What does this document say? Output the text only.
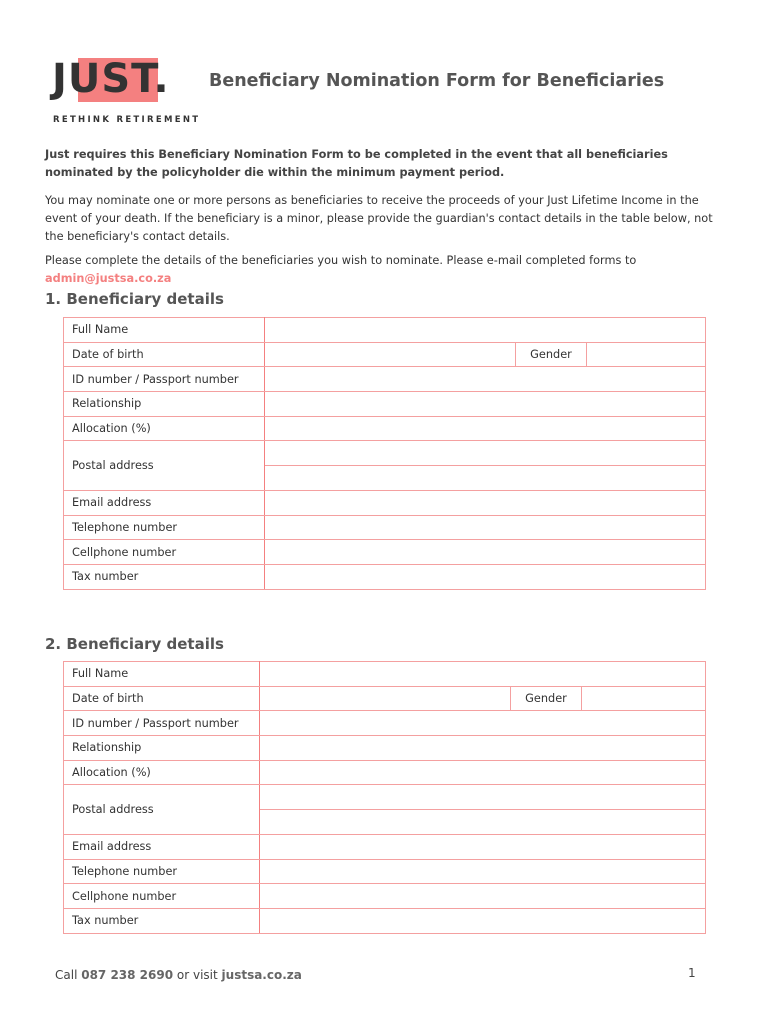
JUST.
RETHINK RETIREMENT
Beneficiary Nomination Form for Beneficiaries
Just requires this Beneficiary Nomination Form to be completed in the event that all beneficiaries nominated by the policyholder die within the minimum payment period.
You may nominate one or more persons as beneficiaries to receive the proceeds of your Just Lifetime Income in the event of your death. If the beneficiary is a minor, please provide the guardian's contact details in the table below, not the beneficiary's contact details.
Please complete the details of the beneficiaries you wish to nominate. Please e-mail completed forms to admin@justsa.co.za
1. Beneficiary details
Full Name			
Date of birth		Gender	
ID number / Passport number			
Relationship			
Allocation (%)			
Postal address			

Email address			
Telephone number			
Cellphone number			
Tax number			
2. Beneficiary details
Full Name			
Date of birth		Gender	
ID number / Passport number			
Relationship			
Allocation (%)			
Postal address			

Email address			
Telephone number			
Cellphone number			
Tax number			
Call 087 238 2690 or visit justsa.co.za	1
